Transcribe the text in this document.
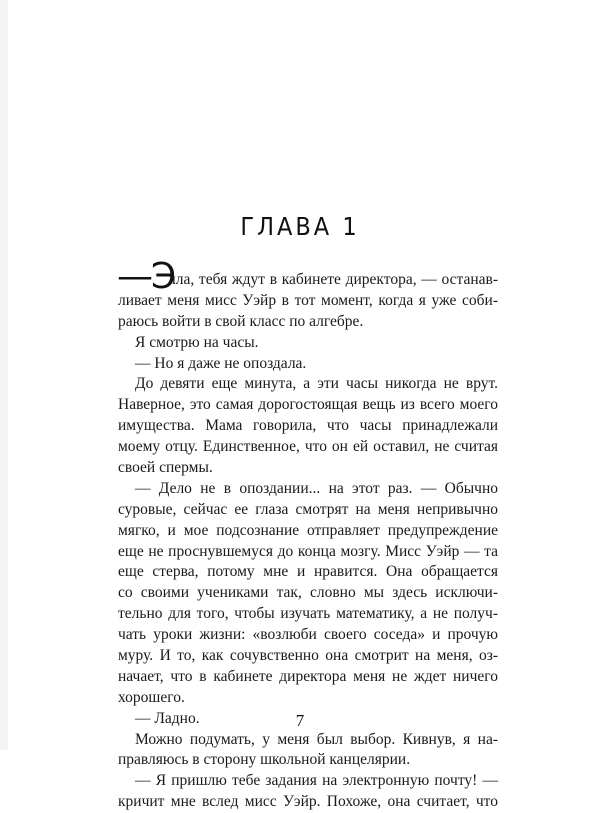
ГЛАВА 1
—Э
лла, тебя ждут в кабинете директора, — останав-
ливает меня мисс Уэйр в тот момент, когда я уже соби-
раюсь войти в свой класс по алгебре.
Я смотрю на часы.
— Но я даже не опоздала.
До девяти еще минута, а эти часы никогда не врут.
Наверное, это самая дорогостоящая вещь из всего моего
имущества. Мама говорила, что часы принадлежали
моему отцу. Единственное, что он ей оставил, не считая
своей спермы.
— Дело не в опоздании... на этот раз. — Обычно
суровые, сейчас ее глаза смотрят на меня непривычно
мягко, и мое подсознание отправляет предупреждение
еще не проснувшемуся до конца мозгу. Мисс Уэйр — та
еще стерва, потому мне и нравится. Она обращается
со своими учениками так, словно мы здесь исключи-
тельно для того, чтобы изучать математику, а не получ-
чать уроки жизни: «возлюби своего соседа» и прочую
муру. И то, как сочувственно она смотрит на меня, оз-
начает, что в кабинете директора меня не ждет ничего
хорошего.
— Ладно.
Можно подумать, у меня был выбор. Кивнув, я на-
правляюсь в сторону школьной канцелярии.
— Я пришлю тебе задания на электронную почту! —
кричит мне вслед мисс Уэйр. Похоже, она считает, что
7
